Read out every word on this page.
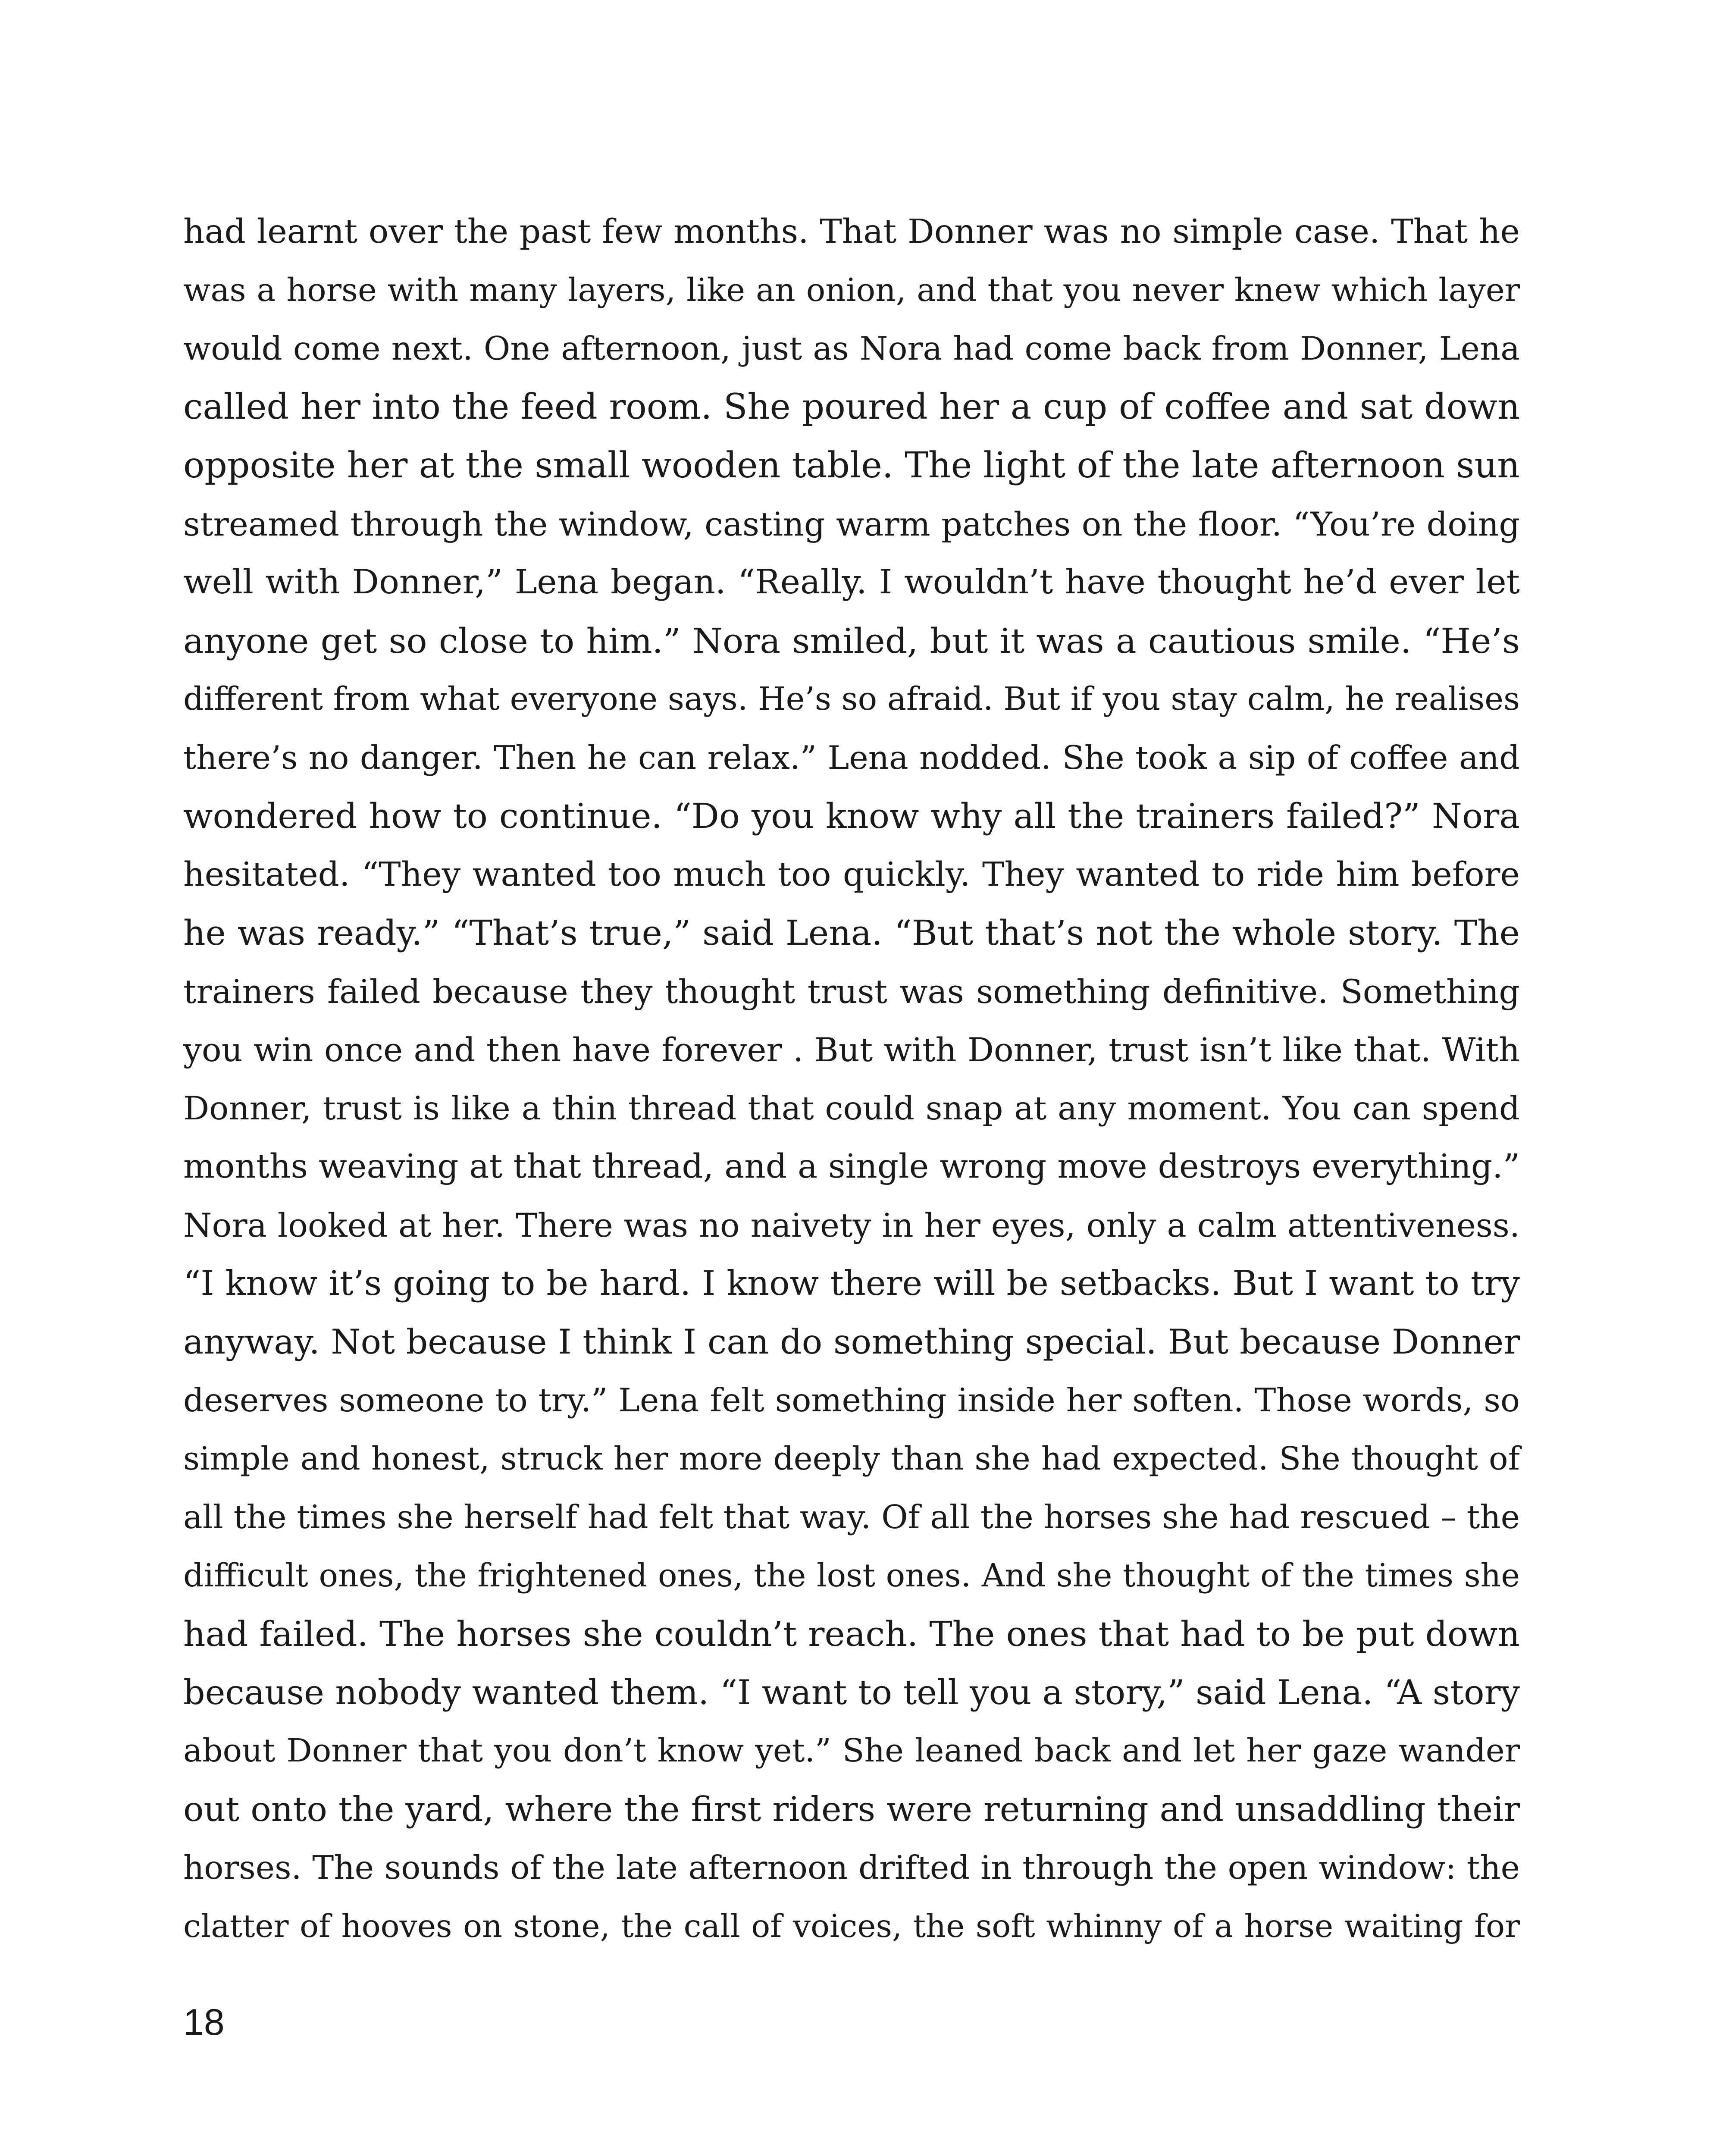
had learnt over the past few months. That Donner was no simple case. That he
was a horse with many layers, like an onion, and that you never knew which layer
would come next. One afternoon, just as Nora had come back from Donner, Lena
called her into the feed room. She poured her a cup of coffee and sat down
opposite her at the small wooden table. The light of the late afternoon sun
streamed through the window, casting warm patches on the floor. “You’re doing
well with Donner,” Lena began. “Really. I wouldn’t have thought he’d ever let
anyone get so close to him.” Nora smiled, but it was a cautious smile. “He’s
different from what everyone says. He’s so afraid. But if you stay calm, he realises
there’s no danger. Then he can relax.” Lena nodded. She took a sip of coffee and
wondered how to continue. “Do you know why all the trainers failed?” Nora
hesitated. “They wanted too much too quickly. They wanted to ride him before
he was ready.” “That’s true,” said Lena. “But that’s not the whole story. The
trainers failed because they thought trust was something definitive. Something
you win once and then have forever . But with Donner, trust isn’t like that. With
Donner, trust is like a thin thread that could snap at any moment. You can spend
months weaving at that thread, and a single wrong move destroys everything.”
Nora looked at her. There was no naivety in her eyes, only a calm attentiveness.
“I know it’s going to be hard. I know there will be setbacks. But I want to try
anyway. Not because I think I can do something special. But because Donner
deserves someone to try.” Lena felt something inside her soften. Those words, so
simple and honest, struck her more deeply than she had expected. She thought of
all the times she herself had felt that way. Of all the horses she had rescued – the
difficult ones, the frightened ones, the lost ones. And she thought of the times she
had failed. The horses she couldn’t reach. The ones that had to be put down
because nobody wanted them. “I want to tell you a story,” said Lena. “A story
about Donner that you don’t know yet.” She leaned back and let her gaze wander
out onto the yard, where the first riders were returning and unsaddling their
horses. The sounds of the late afternoon drifted in through the open window: the
clatter of hooves on stone, the call of voices, the soft whinny of a horse waiting for
18
